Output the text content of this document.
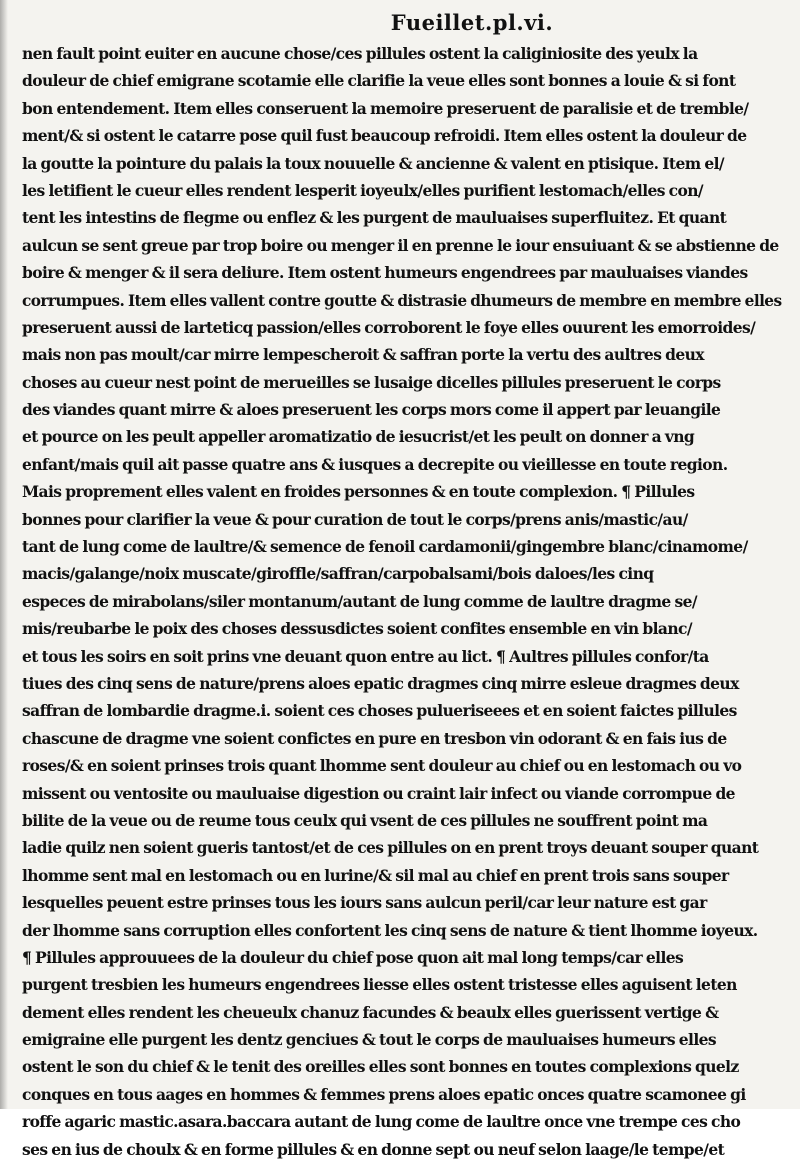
Fueillet.pl.vi.
nen fault point euiter en aucune chose/ces pillules ostent la caliginiosite des yeulx la
douleur de chief emigrane scotamie elle clarifie la veue elles sont bonnes a louie & si font
bon entendement. Item elles conseruent la memoire preseruent de paralisie et de tremble/
ment/& si ostent le catarre pose quil fust beaucoup refroidi. Item elles ostent la douleur de
la goutte la pointure du palais la toux nouuelle & ancienne & valent en ptisique. Item el/
les letifient le cueur elles rendent lesperit ioyeulx/elles purifient lestomach/elles con/
tent les intestins de flegme ou enflez & les purgent de mauluaises superfluitez. Et quant
aulcun se sent greue par trop boire ou menger il en prenne le iour ensuiuant & se abstienne de
boire & menger & il sera deliure. Item ostent humeurs engendrees par mauluaises viandes
corrumpues. Item elles vallent contre goutte & distrasie dhumeurs de membre en membre elles
preseruent aussi de larteticq passion/elles corroborent le foye elles ouurent les emorroides/
mais non pas moult/car mirre lempescheroit & saffran porte la vertu des aultres deux
choses au cueur nest point de merueilles se lusaige dicelles pillules preseruent le corps
des viandes quant mirre & aloes preseruent les corps mors come il appert par leuangile
et pource on les peult appeller aromatizatio de iesucrist/et les peult on donner a vng
enfant/mais quil ait passe quatre ans & iusques a decrepite ou vieillesse en toute region.
Mais proprement elles valent en froides personnes & en toute complexion. ¶ Pillules
bonnes pour clarifier la veue & pour curation de tout le corps/prens anis/mastic/au/
tant de lung come de laultre/& semence de fenoil cardamonii/gingembre blanc/cinamome/
macis/galange/noix muscate/giroffle/saffran/carpobalsami/bois daloes/les cinq
especes de mirabolans/siler montanum/autant de lung comme de laultre dragme se/
mis/reubarbe le poix des choses dessusdictes soient confites ensemble en vin blanc/
et tous les soirs en soit prins vne deuant quon entre au lict. ¶ Aultres pillules confor/ta
tiues des cinq sens de nature/prens aloes epatic dragmes cinq mirre esleue dragmes deux
saffran de lombardie dragme.i. soient ces choses pulueriseees et en soient faictes pillules
chascune de dragme vne soient confictes en pure en tresbon vin odorant & en fais ius de
roses/& en soient prinses trois quant lhomme sent douleur au chief ou en lestomach ou vo
missent ou ventosite ou mauluaise digestion ou craint lair infect ou viande corrompue de
bilite de la veue ou de reume tous ceulx qui vsent de ces pillules ne souffrent point ma
ladie quilz nen soient gueris tantost/et de ces pillules on en prent troys deuant souper quant
lhomme sent mal en lestomach ou en lurine/& sil mal au chief en prent trois sans souper
lesquelles peuent estre prinses tous les iours sans aulcun peril/car leur nature est gar
der lhomme sans corruption elles confortent les cinq sens de nature & tient lhomme ioyeux.
¶ Pillules approuuees de la douleur du chief pose quon ait mal long temps/car elles
purgent tresbien les humeurs engendrees liesse elles ostent tristesse elles aguisent leten
dement elles rendent les cheueulx chanuz facundes & beaulx elles guerissent vertige &
emigraine elle purgent les dentz genciues & tout le corps de mauluaises humeurs elles
ostent le son du chief & le tenit des oreilles elles sont bonnes en toutes complexions quelz
conques en tous aages en hommes & femmes prens aloes epatic onces quatre scamonee gi
roffe agaric mastic.asara.baccara autant de lung come de laultre once vne trempe ces cho
ses en ius de choulx & en forme pillules & en donne sept ou neuf selon laage/le tempe/et
